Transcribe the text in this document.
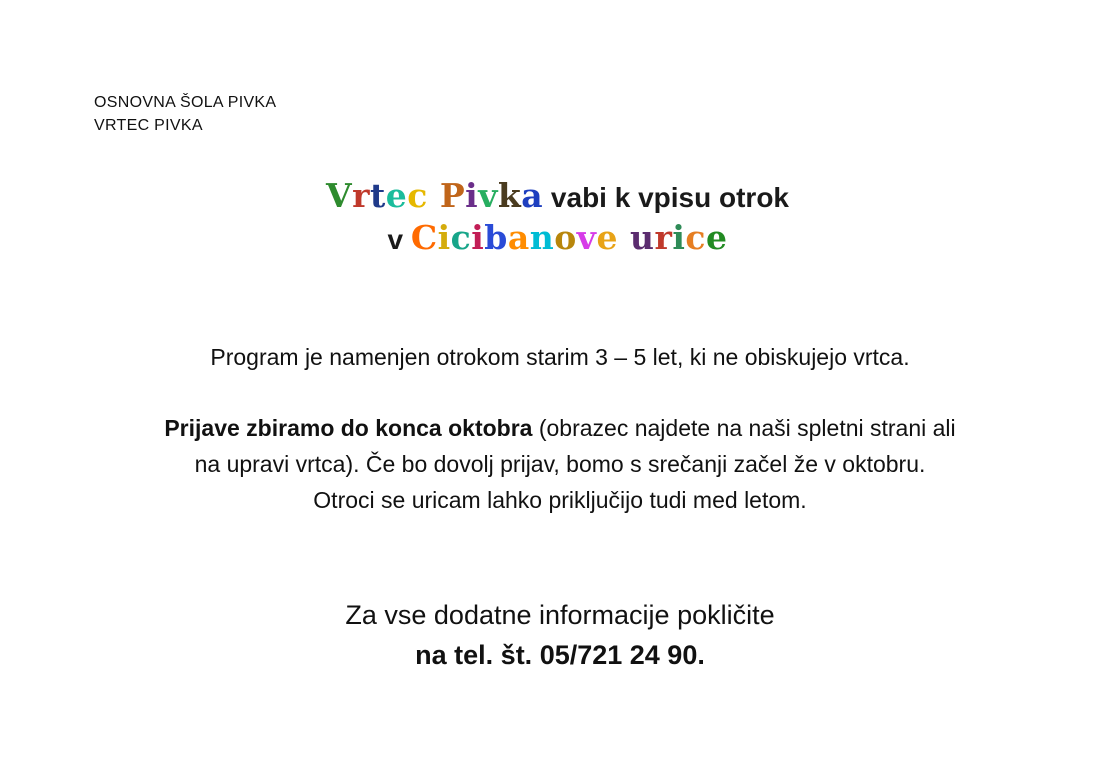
OSNOVNA ŠOLA PIVKA
VRTEC PIVKA
Vrtec Pivka vabi k vpisu otrok
v Cicibanove urice
Program je namenjen otrokom starim 3 – 5 let, ki ne obiskujejo vrtca.
Prijave zbiramo do konca oktobra (obrazec najdete na naši spletni strani ali
na upravi vrtca). Če bo dovolj prijav, bomo s srečanji začel že v oktobru.
Otroci se uricam lahko priključijo tudi med letom.
Za vse dodatne informacije pokličite
na tel. št. 05/721 24 90.
